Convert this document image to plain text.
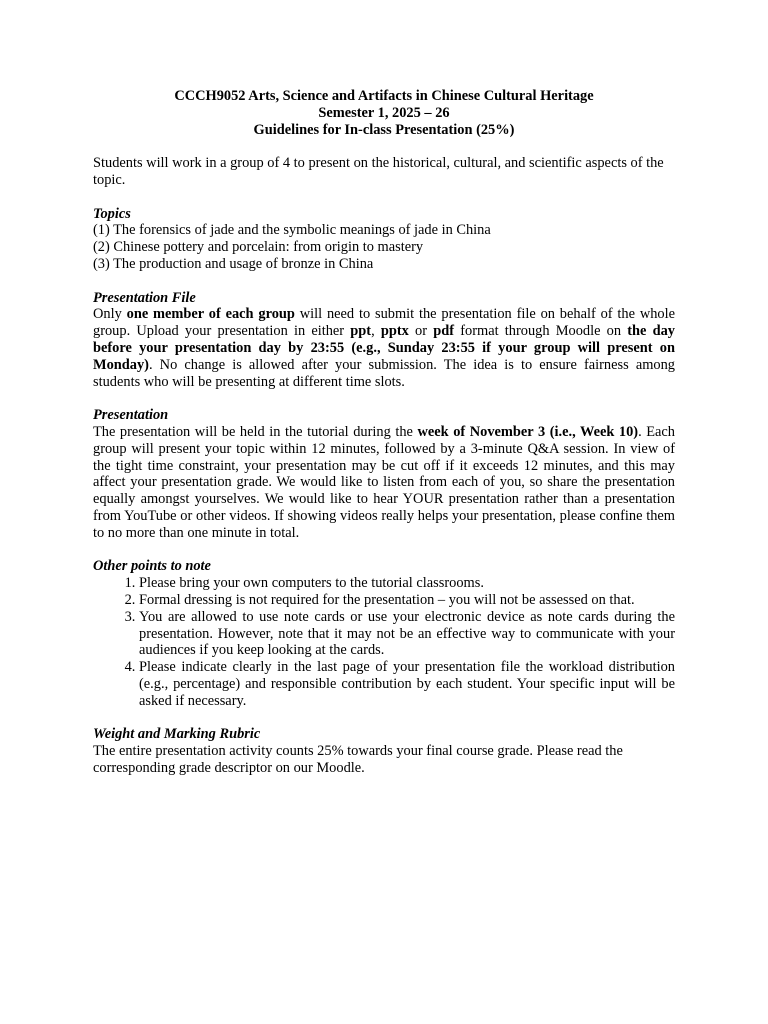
CCCH9052 Arts, Science and Artifacts in Chinese Cultural Heritage
Semester 1, 2025 – 26
Guidelines for In-class Presentation (25%)

Students will work in a group of 4 to present on the historical, cultural, and scientific aspects of the topic.

Topics

(1) The forensics of jade and the symbolic meanings of jade in China

(2) Chinese pottery and porcelain: from origin to mastery

(3) The production and usage of bronze in China

Presentation File

Only one member of each group will need to submit the presentation file on behalf of the whole group. Upload your presentation in either ppt, pptx or pdf format through Moodle on the day before your presentation day by 23:55 (e.g., Sunday 23:55 if your group will present on Monday). No change is allowed after your submission. The idea is to ensure fairness among students who will be presenting at different time slots.

Presentation

The presentation will be held in the tutorial during the week of November 3 (i.e., Week 10). Each group will present your topic within 12 minutes, followed by a 3-minute Q&A session. In view of the tight time constraint, your presentation may be cut off if it exceeds 12 minutes, and this may affect your presentation grade. We would like to listen from each of you, so share the presentation equally amongst yourselves. We would like to hear YOUR presentation rather than a presentation from YouTube or other videos. If showing videos really helps your presentation, please confine them to no more than one minute in total.

Other points to note

1. Please bring your own computers to the tutorial classrooms.
2. Formal dressing is not required for the presentation – you will not be assessed on that.
3. You are allowed to use note cards or use your electronic device as note cards during the presentation. However, note that it may not be an effective way to communicate with your audiences if you keep looking at the cards.
4. Please indicate clearly in the last page of your presentation file the workload distribution (e.g., percentage) and responsible contribution by each student. Your specific input will be asked if necessary.

Weight and Marking Rubric

The entire presentation activity counts 25% towards your final course grade. Please read the corresponding grade descriptor on our Moodle.
